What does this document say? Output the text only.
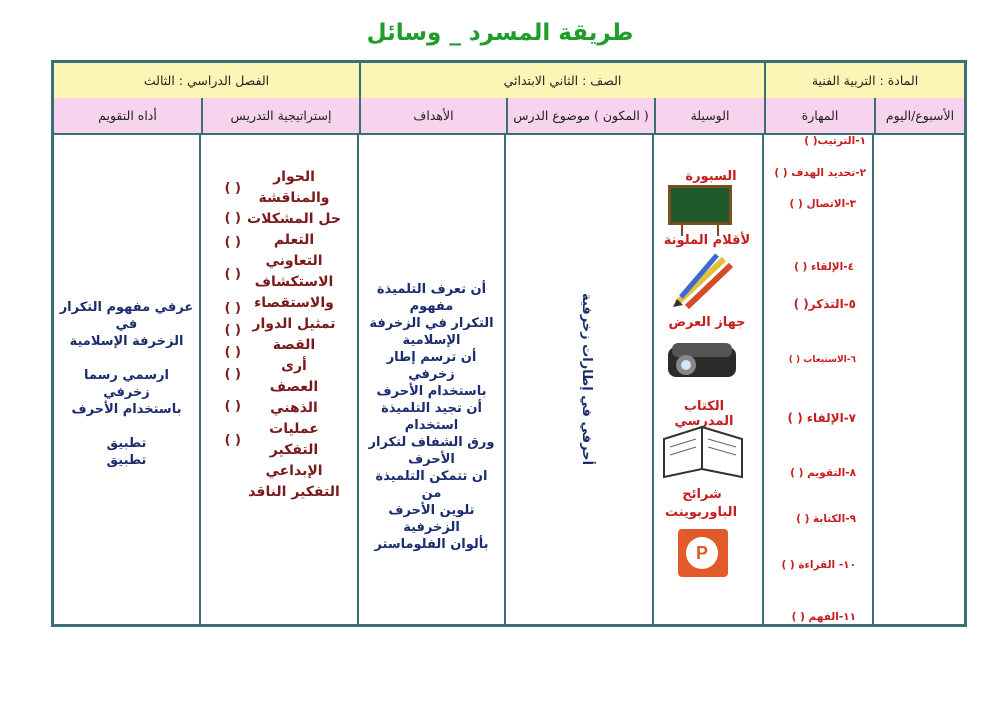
طريقة المسرد _ وسائل
المادة : التربية الفنية
الصف : الثاني الابتدائي
الفصل الدراسي : الثالث
الأسبوع/اليوم
المهارة
الوسيلة
( المكون ) موضوع الدرس
الأهداف
إستراتيجية التدريس
أداه التقويم
١-الترتيب( )
٢-تحديد الهدف ( )
٣-الاتصال ( )
٤-الإلقاء ( )
٥-التذكر( )
٦-الاستيعاب ( )
٧-الإلقاء ( )
٨-التقويم ( )
٩-الكتابة ( )
١٠- القراءة ( )
١١-الفهم ( )
السبورة
لأقلام الملونة
جهاز العرض
الكتاب المدرسي
شرائح
الباوربوينت
P
أحرفي في إطارات زخرفية
أن تعرف التلميذة مفهوم
التكرار في الزخرفة
الإسلامية
أن ترسم إطار زخرفي
باستخدام الأحرف
أن تجيد التلميذة استخدام
ورق الشفاف لتكرار
الأحرف
ان تتمكن التلميذة من
تلوين الأحرف الزخرفية
بألوان الفلوماستر
الحوار
والمناقشة
حل المشكلات
التعلم التعاوني
الاستكشاف
والاستقصاء
تمثيل الدوار
القصة
أرى
العصف الذهني
عمليات التفكير
الإبداعي
التفكير الناقد
( )
( )
( )
( )
( )
( )
( )
( )
( )
( )
عرفي مفهوم التكرار في
الزخرفة الإسلامية
ارسمي رسما زخرفي
باستخدام الأحرف
تطبيق
تطبيق
